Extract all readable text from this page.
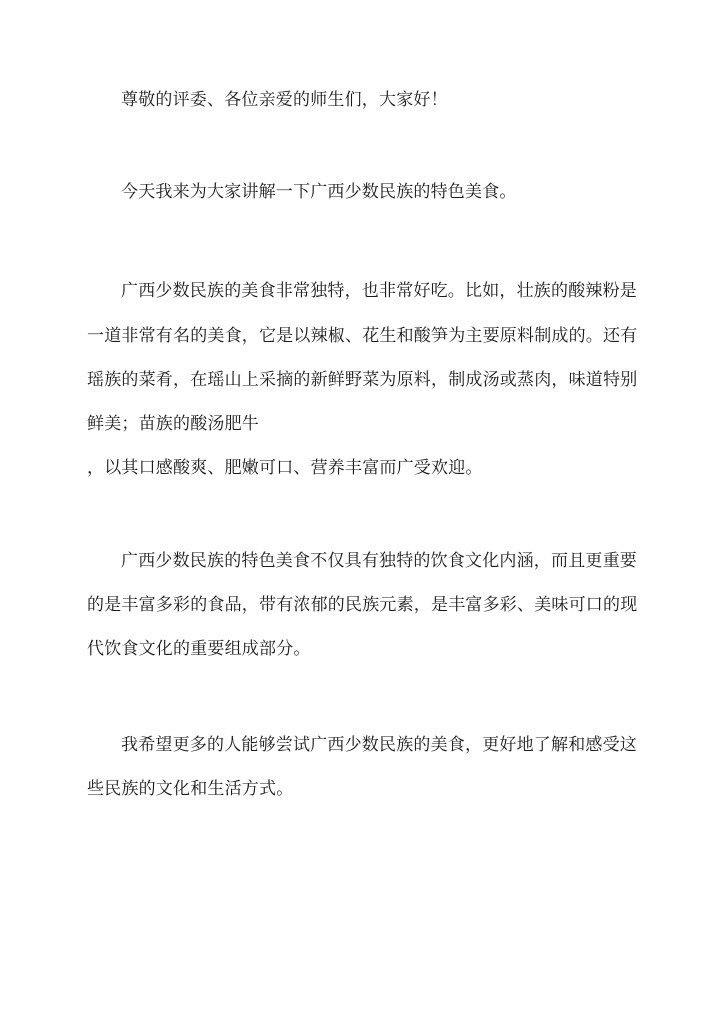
尊敬的评委、各位亲爱的师生们，大家好！
今天我来为大家讲解一下广西少数民族的特色美食。
广西少数民族的美食非常独特，也非常好吃。比如，壮族的酸辣粉是
一道非常有名的美食，它是以辣椒、花生和酸笋为主要原料制成的。还有
瑶族的菜肴，在瑶山上采摘的新鲜野菜为原料，制成汤或蒸肉，味道特别
鲜美；苗族的酸汤肥牛
，以其口感酸爽、肥嫩可口、营养丰富而广受欢迎。
广西少数民族的特色美食不仅具有独特的饮食文化内涵，而且更重要
的是丰富多彩的食品，带有浓郁的民族元素，是丰富多彩、美味可口的现
代饮食文化的重要组成部分。
我希望更多的人能够尝试广西少数民族的美食，更好地了解和感受这
些民族的文化和生活方式。
